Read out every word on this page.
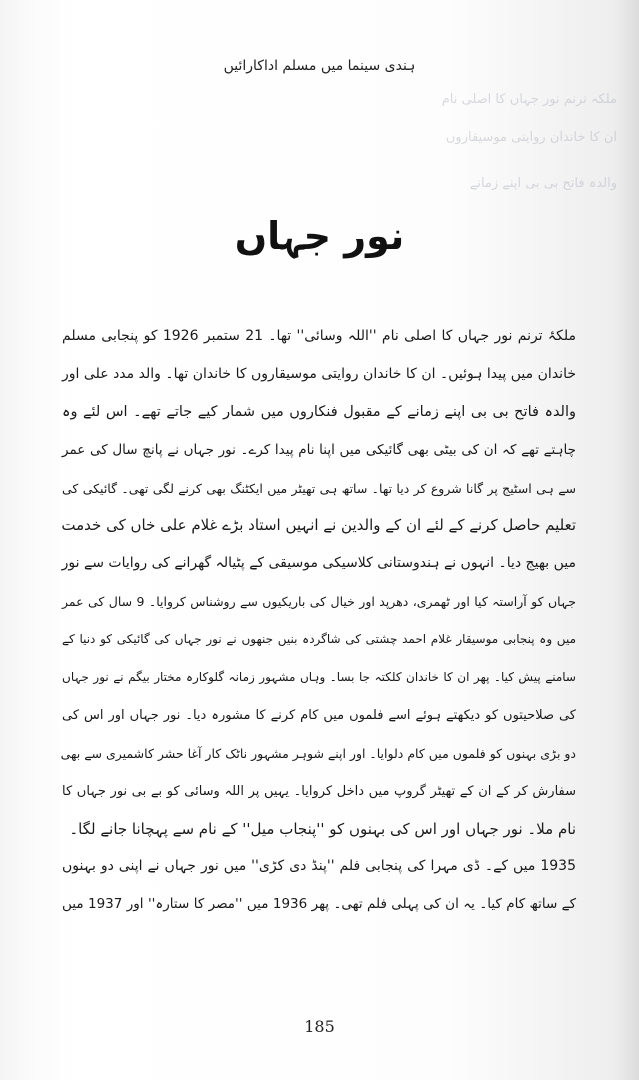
ہندی سینما میں مسلم اداکارائیں
ملکہ ترنم نور جہاں کا اصلی نام
ان کا خاندان روایتی موسیقاروں
والدہ فاتح بی بی اپنے زمانے
نور جہاں
ملکۂ ترنم نور جہاں کا اصلی نام ''اللہ وسائی'' تھا۔ 21 ستمبر 1926 کو پنجابی مسلم
خاندان میں پیدا ہوئیں۔ ان کا خاندان روایتی موسیقاروں کا خاندان تھا۔ والد مدد علی اور
والدہ فاتح بی بی اپنے زمانے کے مقبول فنکاروں میں شمار کیے جاتے تھے۔ اس لئے وہ
چاہتے تھے کہ ان کی بیٹی بھی گائیکی میں اپنا نام پیدا کرے۔ نور جہاں نے پانچ سال کی عمر
سے ہی اسٹیج پر گانا شروع کر دیا تھا۔ ساتھ ہی تھیٹر میں ایکٹنگ بھی کرنے لگی تھی۔ گائیکی کی
تعلیم حاصل کرنے کے لئے ان کے والدین نے انہیں استاد بڑے غلام علی خاں کی خدمت
میں بھیج دیا۔ انہوں نے ہندوستانی کلاسیکی موسیقی کے پٹیالہ گھرانے کی روایات سے نور
جہاں کو آراستہ کیا اور ٹھمری، دھرپد اور خیال کی باریکیوں سے روشناس کروایا۔ 9 سال کی عمر
میں وہ پنجابی موسیقار غلام احمد چشتی کی شاگردہ بنیں جنھوں نے نور جہاں کی گائیکی کو دنیا کے
سامنے پیش کیا۔ پھر ان کا خاندان کلکتہ جا بسا۔ وہاں مشہور زمانہ گلوکارہ مختار بیگم نے نور جہاں
کی صلاحیتوں کو دیکھتے ہوئے اسے فلموں میں کام کرنے کا مشورہ دیا۔ نور جہاں اور اس کی
دو بڑی بہنوں کو فلموں میں کام دلوایا۔ اور اپنے شوہر مشہور ناٹک کار آغا حشر کاشمیری سے بھی
سفارش کر کے ان کے تھیٹر گروپ میں داخل کروایا۔ یہیں پر اللہ وسائی کو بے بی نور جہاں کا
نام ملا۔ نور جہاں اور اس کی بہنوں کو ''پنجاب میل'' کے نام سے پہچانا جانے لگا۔
1935 میں کے۔ ڈی مہرا کی پنجابی فلم ''پنڈ دی کڑی'' میں نور جہاں نے اپنی دو بہنوں
کے ساتھ کام کیا۔ یہ ان کی پہلی فلم تھی۔ پھر 1936 میں ''مصر کا ستارہ'' اور 1937 میں
185
